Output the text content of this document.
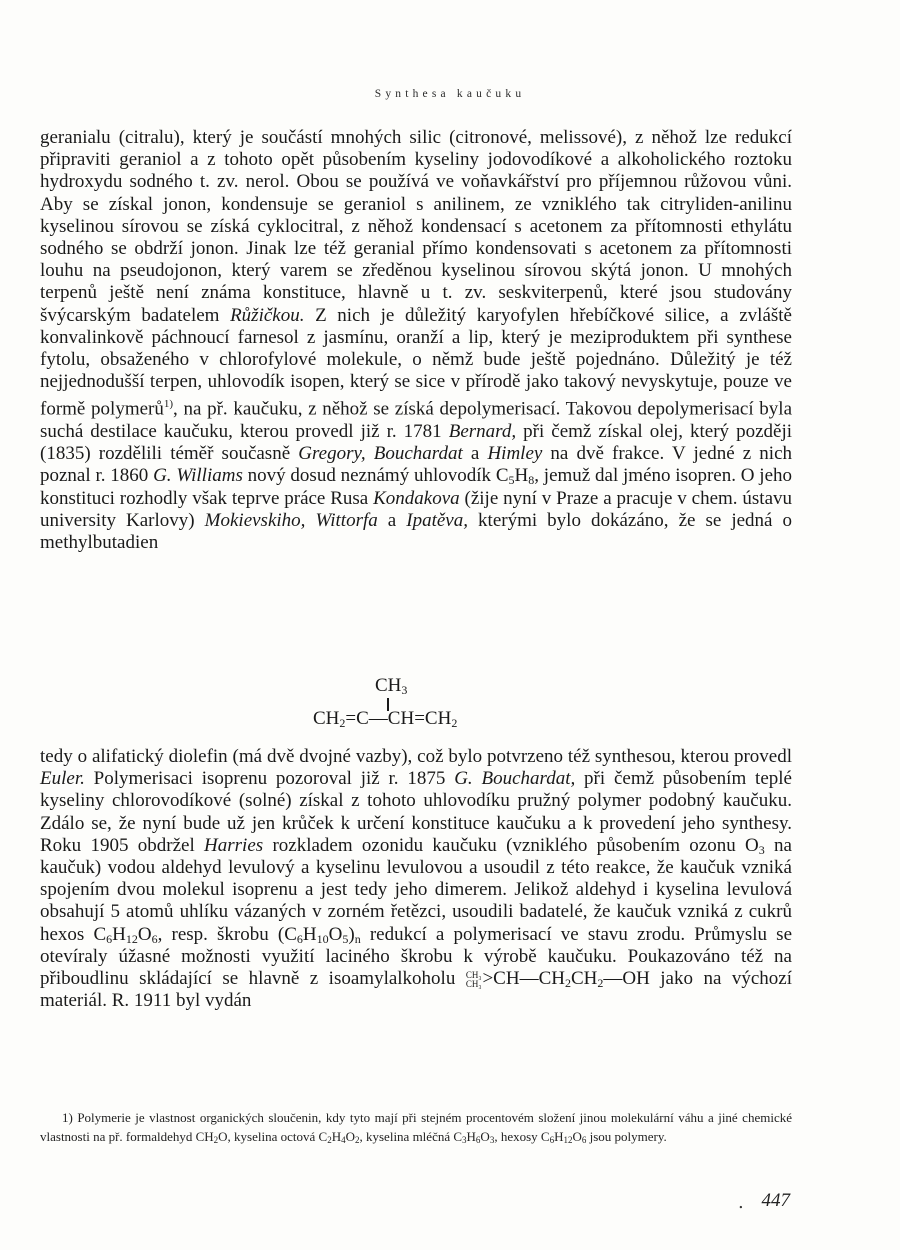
Synthesa kaučuku

geranialu (citralu), který je součástí mnohých silic (citronové, melissové), z něhož lze redukcí připraviti geraniol a z tohoto opět působením kyseliny jodovodíkové a alkoholického roztoku hydroxydu sodného t. zv. nerol. Obou se používá ve voňavkářství pro příjemnou růžovou vůni. Aby se získal jonon, kondensuje se geraniol s anilinem, ze vzniklého tak citryliden-anilinu kyselinou sírovou se získá cyklocitral, z něhož kondensací s acetonem za přítomnosti ethylátu sodného se obdrží jonon. Jinak lze též geranial přímo kondensovati s acetonem za přítomnosti louhu na pseudojonon, který varem se zředěnou kyselinou sírovou skýtá jonon. U mnohých terpenů ještě není známa konstituce, hlavně u t. zv. seskviterpenů, které jsou studovány švýcarským badatelem Růžičkou. Z nich je důležitý karyofylen hřebíčkové silice, a zvláště konvalinkově páchnoucí farnesol z jasmínu, oranží a lip, který je meziproduktem při synthese fytolu, obsaženého v chlorofylové molekule, o němž bude ještě pojednáno. Důležitý je též nejjednodušší terpen, uhlovodík isopen, který se sice v přírodě jako takový nevyskytuje, pouze ve formě polymerů$^{1)}$, na př. kaučuku, z něhož se získá depolymerisací. Takovou depolymerisací byla suchá destilace kaučuku, kterou provedl již r. 1781 Bernard, při čemž získal olej, který později (1835) rozdělili téměř současně Gregory, Bouchardat a Himley na dvě frakce. V jedné z nich poznal r. 1860 G. Williams nový dosud neznámý uhlovodík $C_5H_8$, jemuž dal jméno isopren. O jeho konstituci rozhodly však teprve práce Rusa Kondakova (žije nyní v Praze a pracuje v chem. ústavu university Karlovy) Mokievskiho, Wittorfa a Ipatěva, kterými bylo dokázáno, že se jedná o methylbutadien

$CH_3$
$CH_2=C—CH=CH_2$

tedy o alifatický diolefin (má dvě dvojné vazby), což bylo potvrzeno též synthesou, kterou provedl Euler. Polymerisaci isoprenu pozoroval již r. 1875 G. Bouchardat, při čemž působením teplé kyseliny chlorovodíkové (solné) získal z tohoto uhlovodíku pružný polymer podobný kaučuku. Zdálo se, že nyní bude už jen krůček k určení konstituce kaučuku a k provedení jeho synthesy. Roku 1905 obdržel Harries rozkladem ozonidu kaučuku (vzniklého působením ozonu $O_3$ na kaučuk) vodou aldehyd levulový a kyselinu levulovou a usoudil z této reakce, že kaučuk vzniká spojením dvou molekul isoprenu a jest tedy jeho dimerem. Jelikož aldehyd i kyselina levulová obsahují 5 atomů uhlíku vázaných v zorném řetězci, usoudili badatelé, že kaučuk vzniká z cukrů hexos $C_6H_{12}O_6$, resp. škrobu $(C_6H_{10}O_5)_n$ redukcí a polymerisací ve stavu zrodu. Průmyslu se otevíraly úžasné možnosti využití laciného škrobu k výrobě kaučuku. Poukazováno též na přiboudlinu skládající se hlavně z isoamylalkoholu CH₃
$CH_3 >CH—CH_2CH_2—OH$ jako na výchozí materiál. R. 1911 byl vydán

1) Polymerie je vlastnost organických sloučenin, kdy tyto mají při stejném procentovém složení jinou molekulární váhu a jiné chemické vlastnosti na př. formaldehyd $CH_2O$, kyselina octová $C_2H_4O_2$, kyselina mléčná $C_3H_6O_3$, hexosy $C_6H_{12}O_6$ jsou polymery.

. 447
